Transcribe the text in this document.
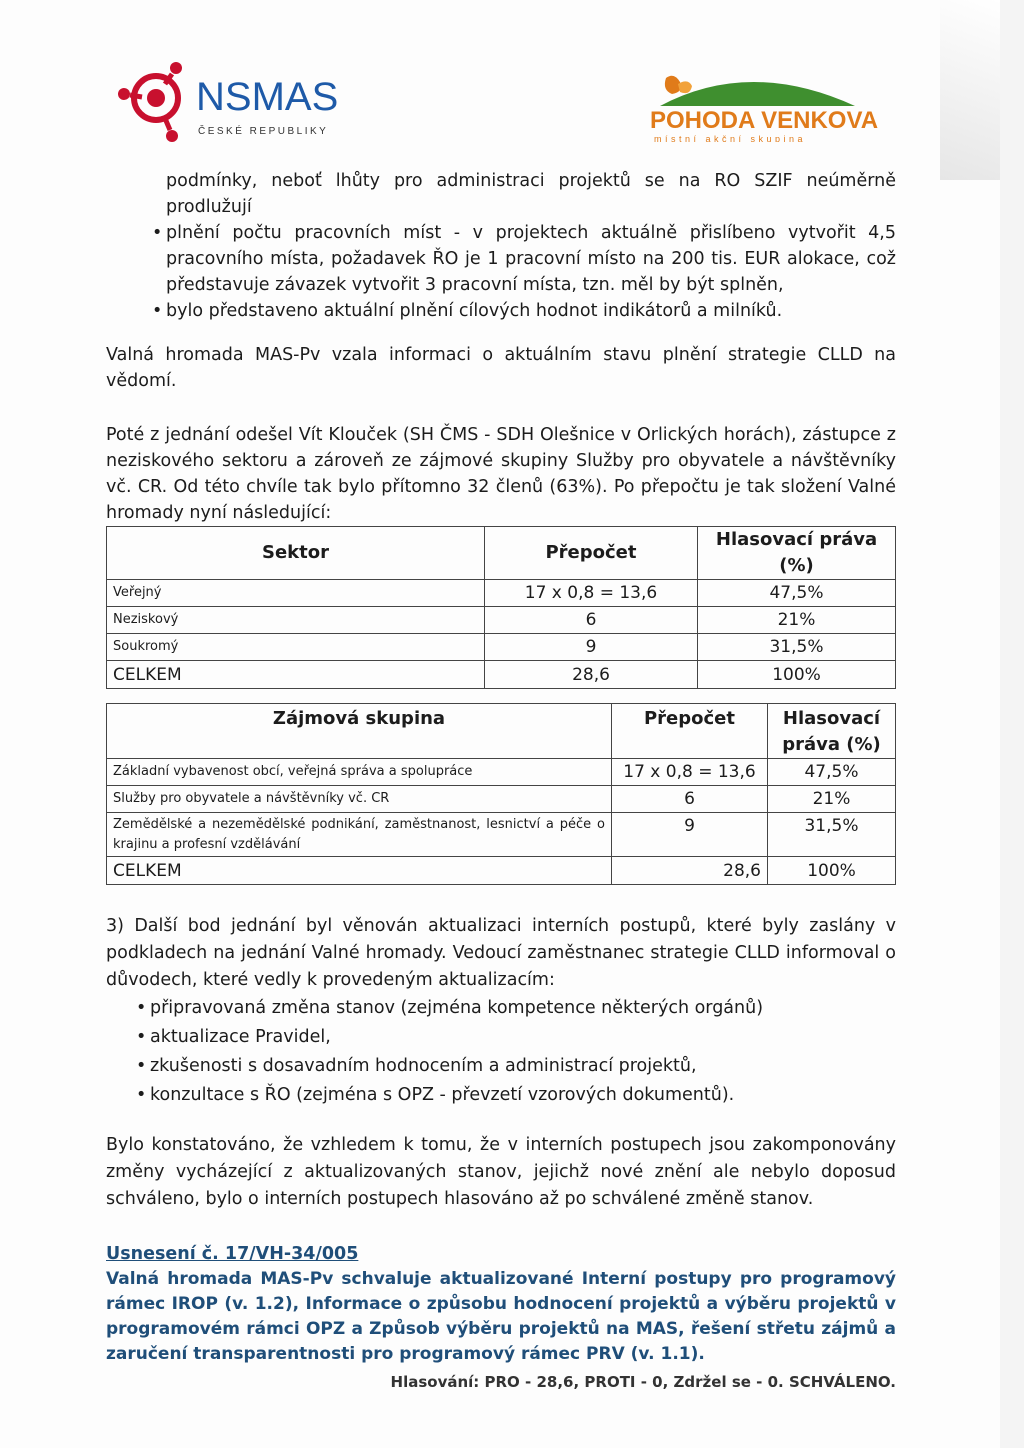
NSMAS
ČESKÉ REPUBLIKY	POHODA VENKOVA
místní akční skupina

podmínky, neboť lhůty pro administraci projektů se na RO SZIF neúměrně prodlužují

• plnění počtu pracovních míst - v projektech aktuálně přislíbeno vytvořit 4,5 pracovního místa, požadavek ŘO je 1 pracovní místo na 200 tis. EUR alokace, což představuje závazek vytvořit 3 pracovní místa, tzn. měl by být splněn,
• bylo představeno aktuální plnění cílových hodnot indikátorů a milníků.

Valná hromada MAS-Pv vzala informaci o aktuálním stavu plnění strategie CLLD na vědomí.

Poté z jednání odešel Vít Klouček (SH ČMS - SDH Olešnice v Orlických horách), zástupce z neziskového sektoru a zároveň ze zájmové skupiny Služby pro obyvatele a návštěvníky vč. CR. Od této chvíle tak bylo přítomno 32 členů (63%). Po přepočtu je tak složení Valné hromady nyní následující:

Sektor	Přepočet	Hlasovací práva (%)
Veřejný	17 x 0,8 = 13,6	47,5%
Neziskový	6	21%
Soukromý	9	31,5%
CELKEM	28,6	100%
Zájmová skupina	Přepočet	Hlasovací práva (%)
Základní vybavenost obcí, veřejná správa a spolupráce	17 x 0,8 = 13,6	47,5%
Služby pro obyvatele a návštěvníky vč. CR	6	21%
Zemědělské a nezemědělské podnikání, zaměstnanost, lesnictví a péče o krajinu a profesní vzdělávání	9	31,5%
CELKEM	28,6	100%

3) Další bod jednání byl věnován aktualizaci interních postupů, které byly zaslány v podkladech na jednání Valné hromady. Vedoucí zaměstnanec strategie CLLD informoval o důvodech, které vedly k provedeným aktualizacím:

• připravovaná změna stanov (zejména kompetence některých orgánů)
• aktualizace Pravidel,
• zkušenosti s dosavadním hodnocením a administrací projektů,
• konzultace s ŘO (zejména s OPZ - převzetí vzorových dokumentů).

Bylo konstatováno, že vzhledem k tomu, že v interních postupech jsou zakomponovány změny vycházející z aktualizovaných stanov, jejichž nové znění ale nebylo doposud schváleno, bylo o interních postupech hlasováno až po schválené změně stanov.

Usnesení č. 17/VH-34/005
Valná hromada MAS-Pv schvaluje aktualizované Interní postupy pro programový rámec IROP (v. 1.2), Informace o způsobu hodnocení projektů a výběru projektů v programovém rámci OPZ a Způsob výběru projektů na MAS, řešení střetu zájmů a zaručení transparentnosti pro programový rámec PRV (v. 1.1).
Hlasování: PRO - 28,6, PROTI - 0, Zdržel se - 0. SCHVÁLENO.
